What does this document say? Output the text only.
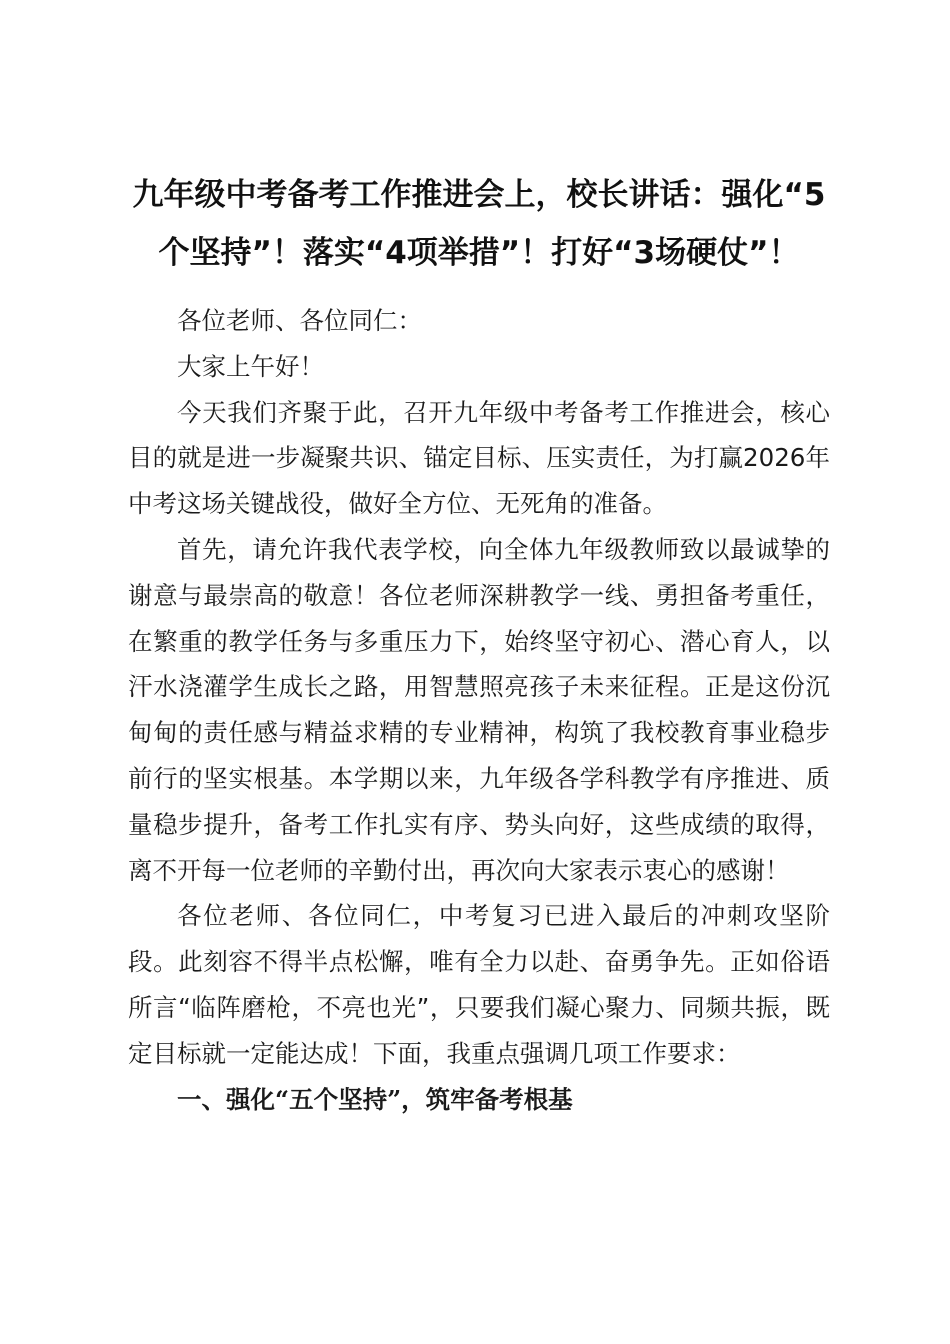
九年级中考备考工作推进会上，校长讲话：强化“5个坚持”！落实“4项举措”！打好“3场硬仗”！

各位老师、各位同仁：

大家上午好！

今天我们齐聚于此，召开九年级中考备考工作推进会，核心目的就是进一步凝聚共识、锚定目标、压实责任，为打赢2026年中考这场关键战役，做好全方位、无死角的准备。

首先，请允许我代表学校，向全体九年级教师致以最诚挚的谢意与最崇高的敬意！各位老师深耕教学一线、勇担备考重任，在繁重的教学任务与多重压力下，始终坚守初心、潜心育人，以汗水浇灌学生成长之路，用智慧照亮孩子未来征程。正是这份沉甸甸的责任感与精益求精的专业精神，构筑了我校教育事业稳步前行的坚实根基。本学期以来，九年级各学科教学有序推进、质量稳步提升，备考工作扎实有序、势头向好，这些成绩的取得，离不开每一位老师的辛勤付出，再次向大家表示衷心的感谢！

各位老师、各位同仁，中考复习已进入最后的冲刺攻坚阶段。此刻容不得半点松懈，唯有全力以赴、奋勇争先。正如俗语所言“临阵磨枪，不亮也光”，只要我们凝心聚力、同频共振，既定目标就一定能达成！下面，我重点强调几项工作要求：

一、强化“五个坚持”，筑牢备考根基
